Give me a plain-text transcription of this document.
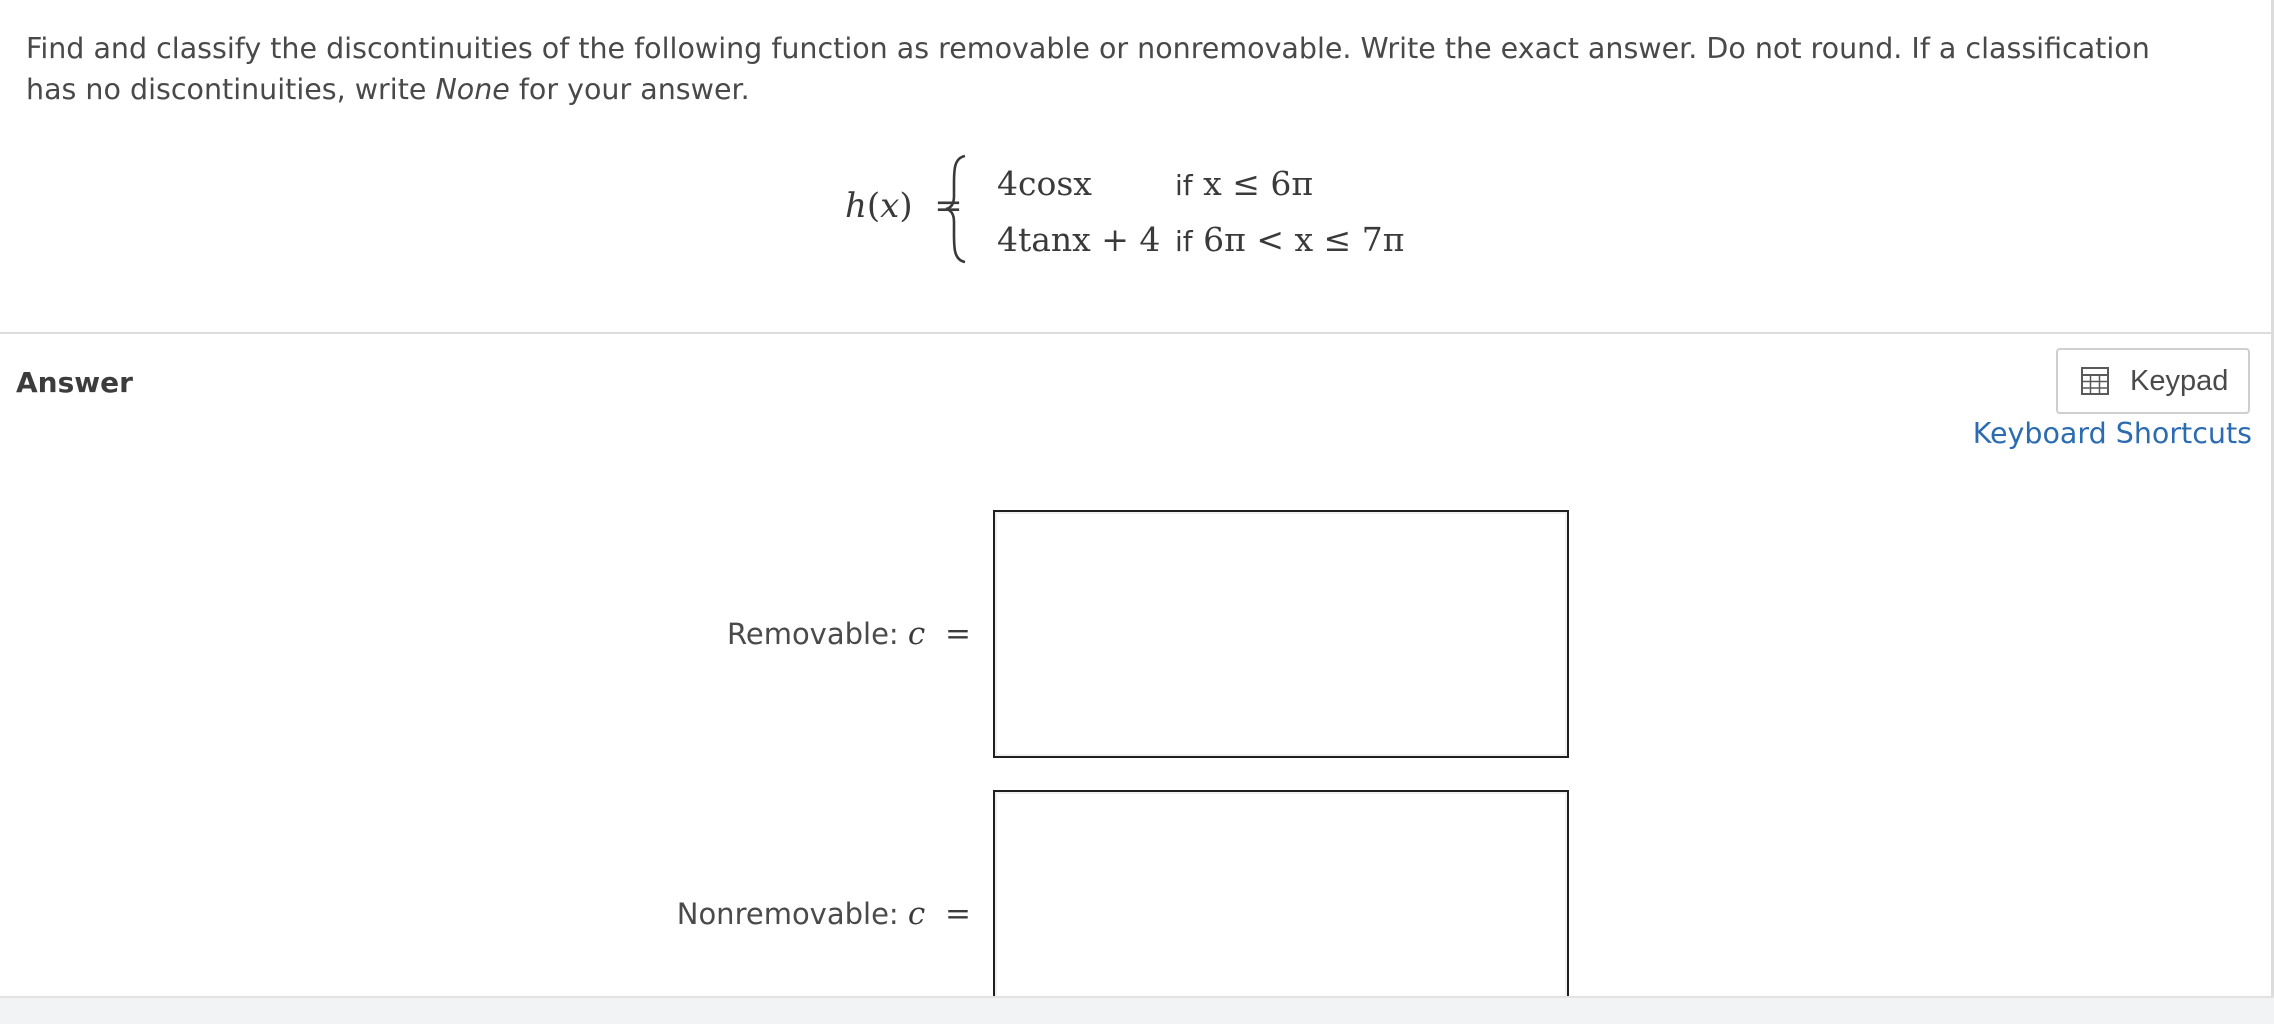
Find and classify the discontinuities of the following function as removable or nonremovable. Write the exact answer. Do not round. If a classification has no discontinuities, write None for your answer.

h(x)  =
4cosx	if x ≤ 6π
4tanx + 4 if 6π < x ≤ 7π
Answer	Keypad
Keyboard Shortcuts
Removable: c =
Nonremovable: c =
